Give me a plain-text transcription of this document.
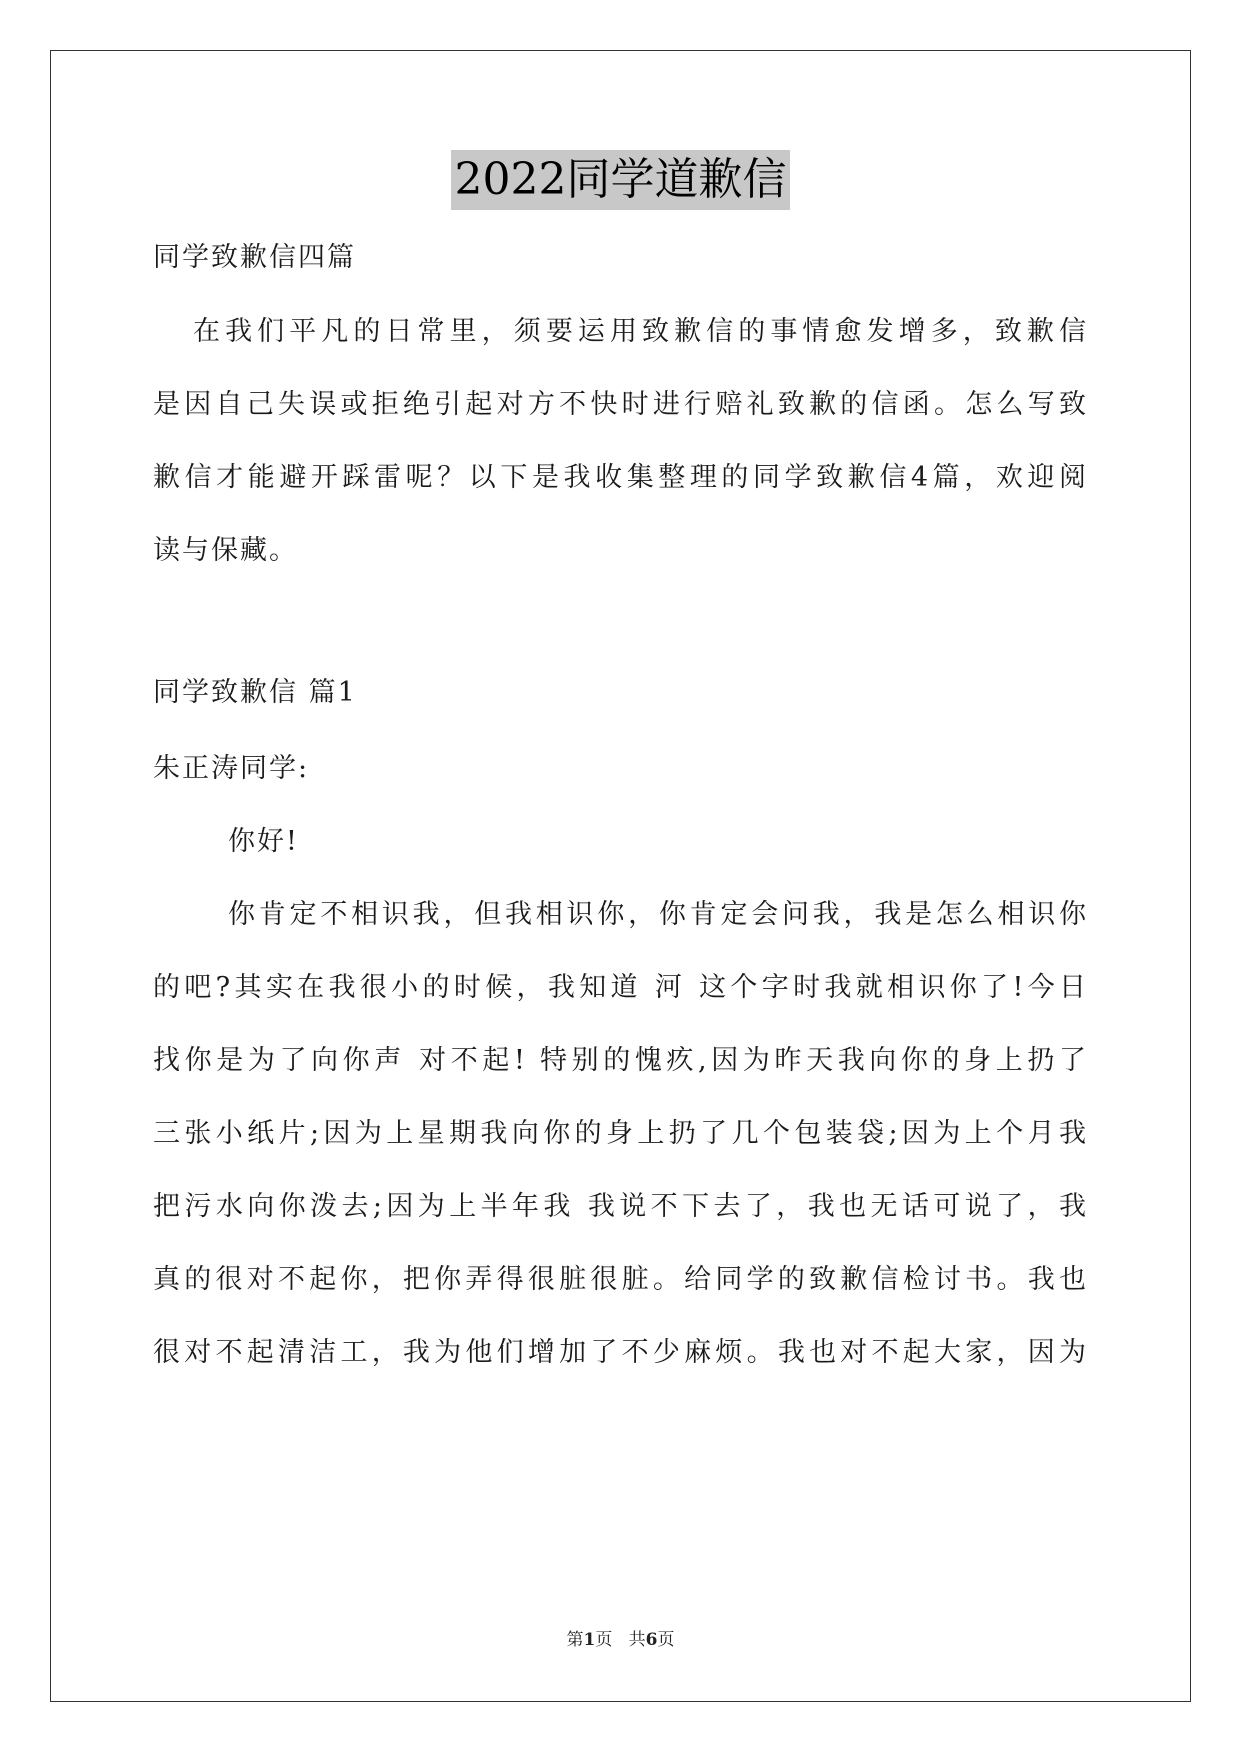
2022同学道歉信
同学致歉信四篇
在我们平凡的日常里，须要运用致歉信的事情愈发增多，致歉信
是因自己失误或拒绝引起对方不快时进行赔礼致歉的信函。怎么写致
歉信才能避开踩雷呢？以下是我收集整理的同学致歉信4篇，欢迎阅
读与保藏。
同学致歉信 篇1
朱正涛同学:
你好!
你肯定不相识我，但我相识你，你肯定会问我，我是怎么相识你
的吧?其实在我很小的时候，我知道 河 这个字时我就相识你了!今日
找你是为了向你声 对不起! 特别的愧疚,因为昨天我向你的身上扔了
三张小纸片;因为上星期我向你的身上扔了几个包装袋;因为上个月我
把污水向你泼去;因为上半年我 我说不下去了，我也无话可说了，我
真的很对不起你，把你弄得很脏很脏。给同学的致歉信检讨书。我也
很对不起清洁工，我为他们增加了不少麻烦。我也对不起大家，因为
第1页   共6页
